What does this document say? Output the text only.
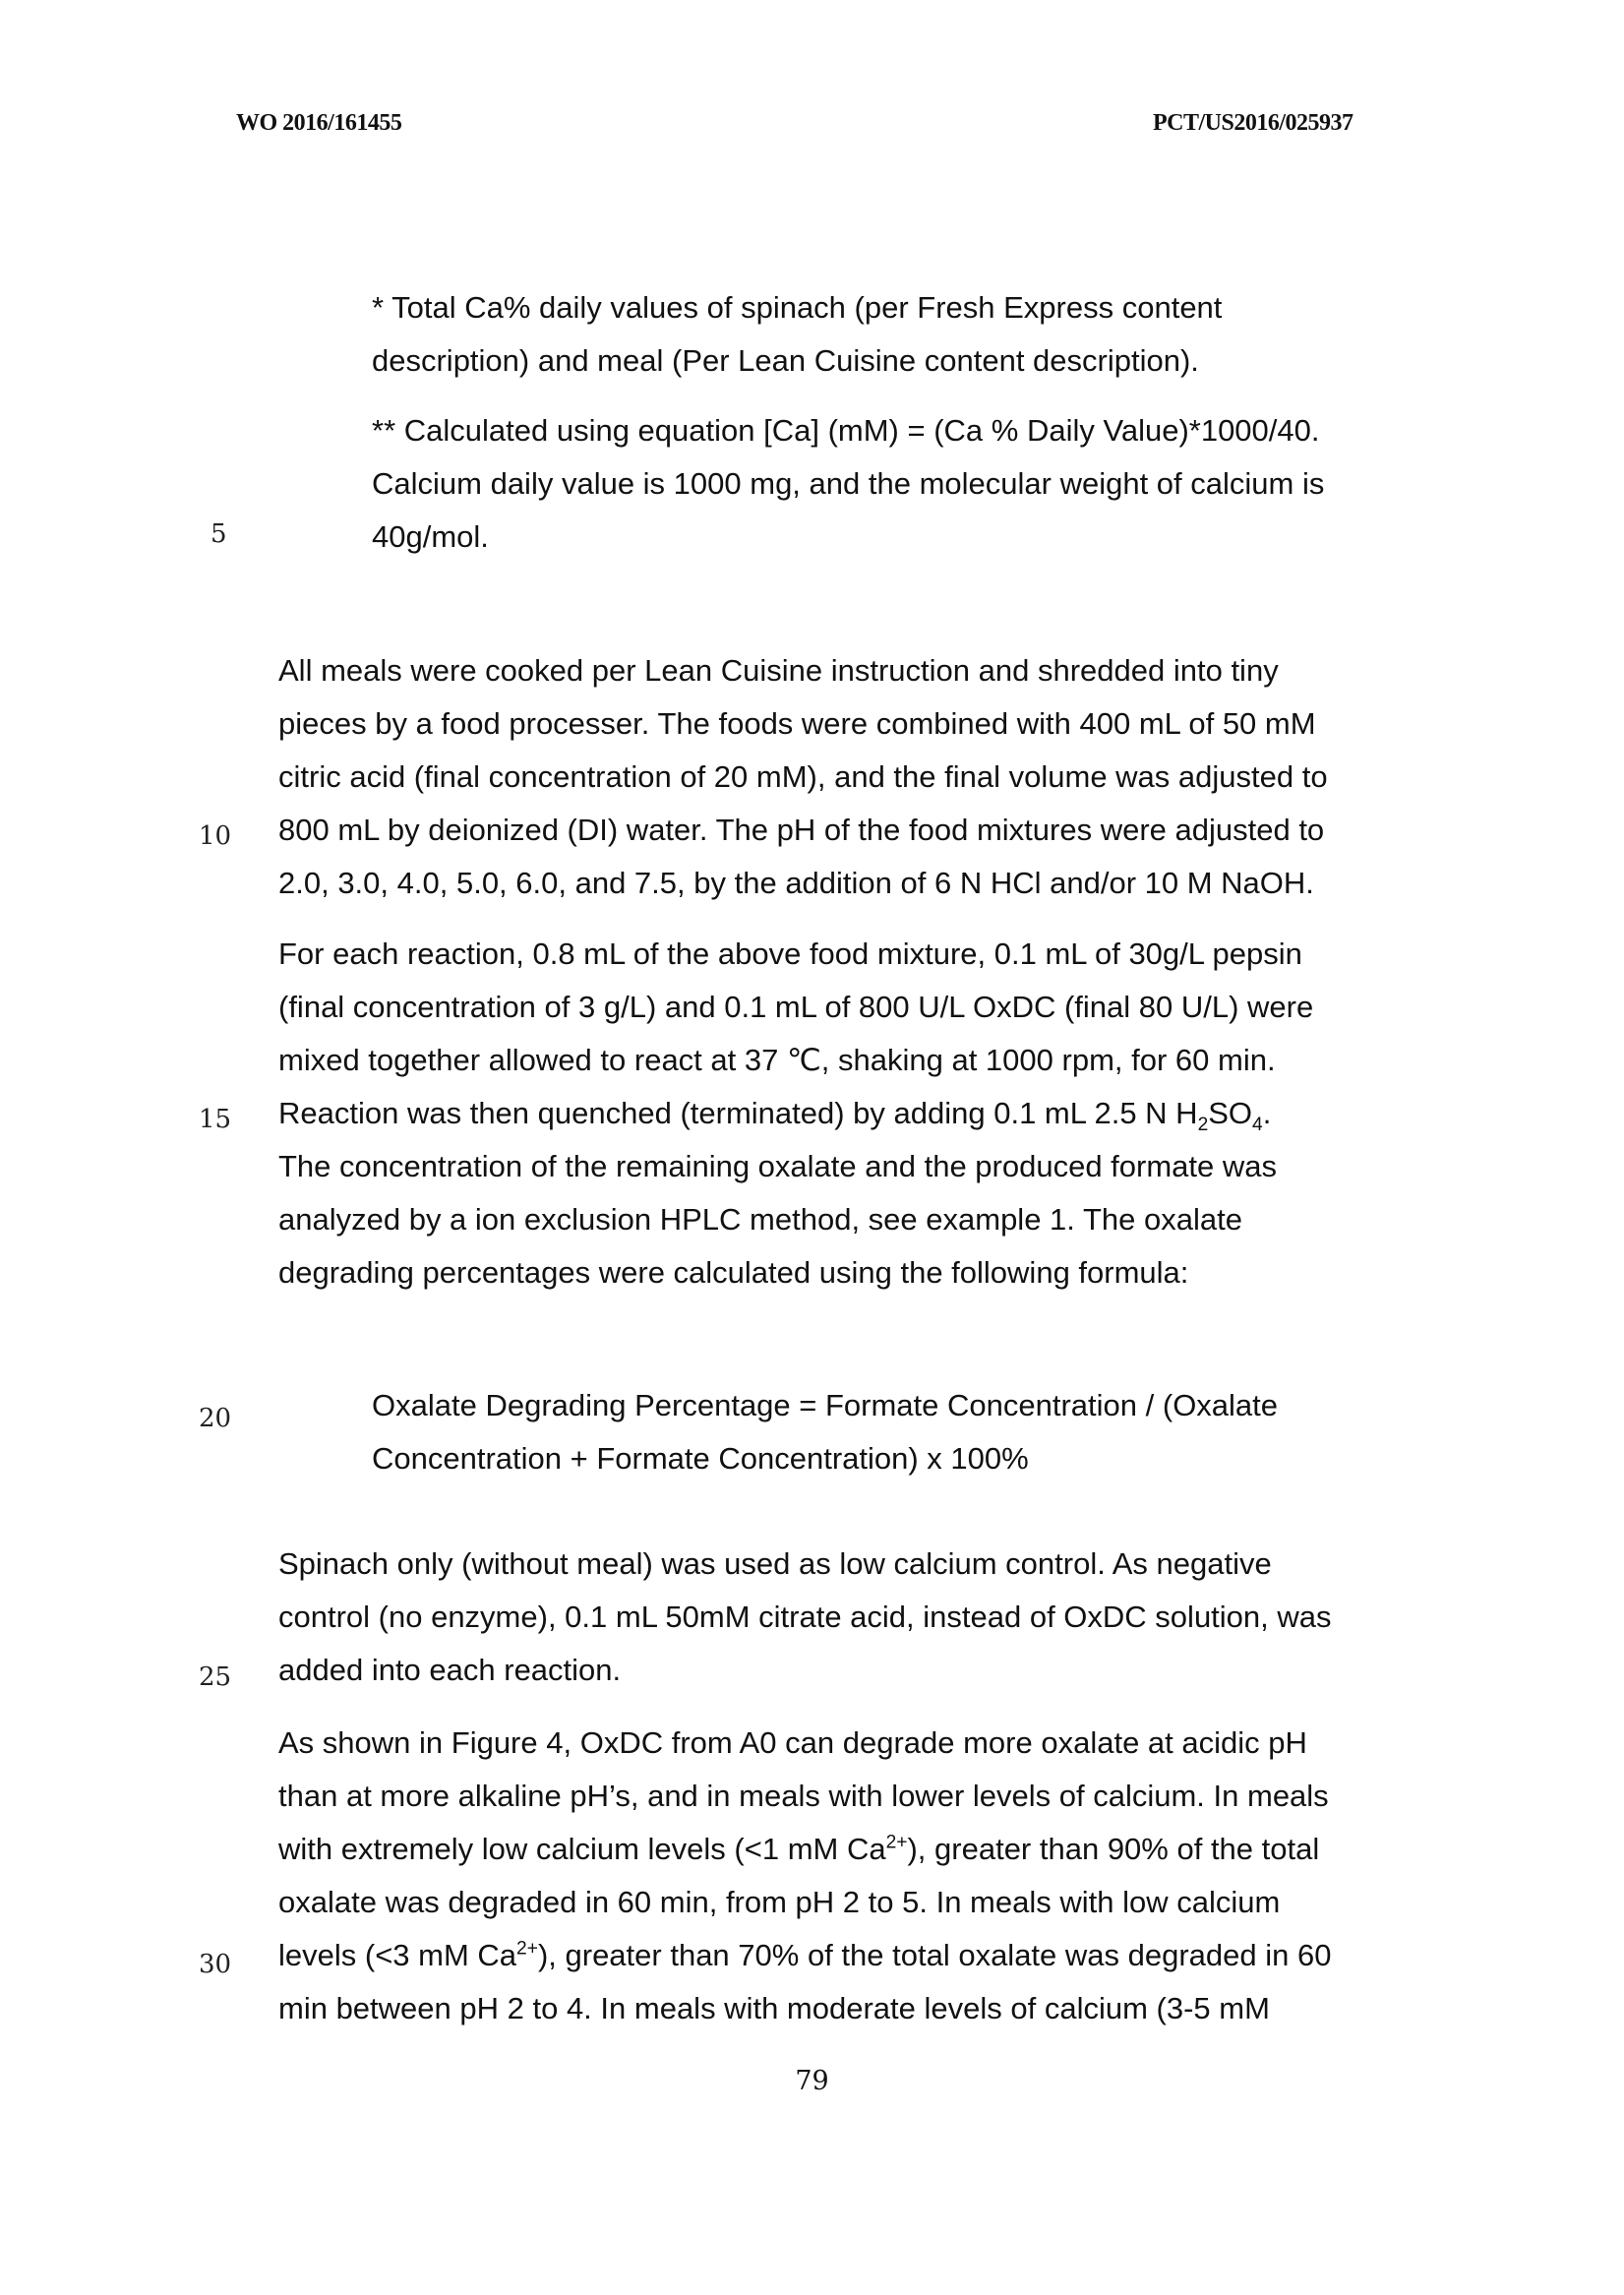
WO 2016/161455	PCT/US2016/025937
5
10
15
20
25
30

* Total Ca% daily values of spinach (per Fresh Express content

description) and meal (Per Lean Cuisine content description).

** Calculated using equation [Ca] (mM) = (Ca % Daily Value)*1000/40.

Calcium daily value is 1000 mg, and the molecular weight of calcium is

40g/mol.

All meals were cooked per Lean Cuisine instruction and shredded into tiny

pieces by a food processer. The foods were combined with 400 mL of 50 mM

citric acid (final concentration of 20 mM), and the final volume was adjusted to

800 mL by deionized (DI) water. The pH of the food mixtures were adjusted to

2.0, 3.0, 4.0, 5.0, 6.0, and 7.5, by the addition of 6 N HCl and/or 10 M NaOH.

For each reaction, 0.8 mL of the above food mixture, 0.1 mL of 30g/L pepsin

(final concentration of 3 g/L) and 0.1 mL of 800 U/L OxDC (final 80 U/L) were

mixed together allowed to react at 37 ℃, shaking at 1000 rpm, for 60 min.

Reaction was then quenched (terminated) by adding 0.1 mL 2.5 N $H_2SO_4$.

The concentration of the remaining oxalate and the produced formate was

analyzed by a ion exclusion HPLC method, see example 1. The oxalate

degrading percentages were calculated using the following formula:

Oxalate Degrading Percentage = Formate Concentration / (Oxalate

Concentration + Formate Concentration) x 100%

Spinach only (without meal) was used as low calcium control. As negative

control (no enzyme), 0.1 mL 50mM citrate acid, instead of OxDC solution, was

added into each reaction.

As shown in Figure 4, OxDC from A0 can degrade more oxalate at acidic pH

than at more alkaline pH’s, and in meals with lower levels of calcium. In meals

with extremely low calcium levels (<1 mM $Ca^{2+}$), greater than 90% of the total

oxalate was degraded in 60 min, from pH 2 to 5. In meals with low calcium

levels (<3 mM $Ca^{2+}$), greater than 70% of the total oxalate was degraded in 60

min between pH 2 to 4. In meals with moderate levels of calcium (3-5 mM

79
